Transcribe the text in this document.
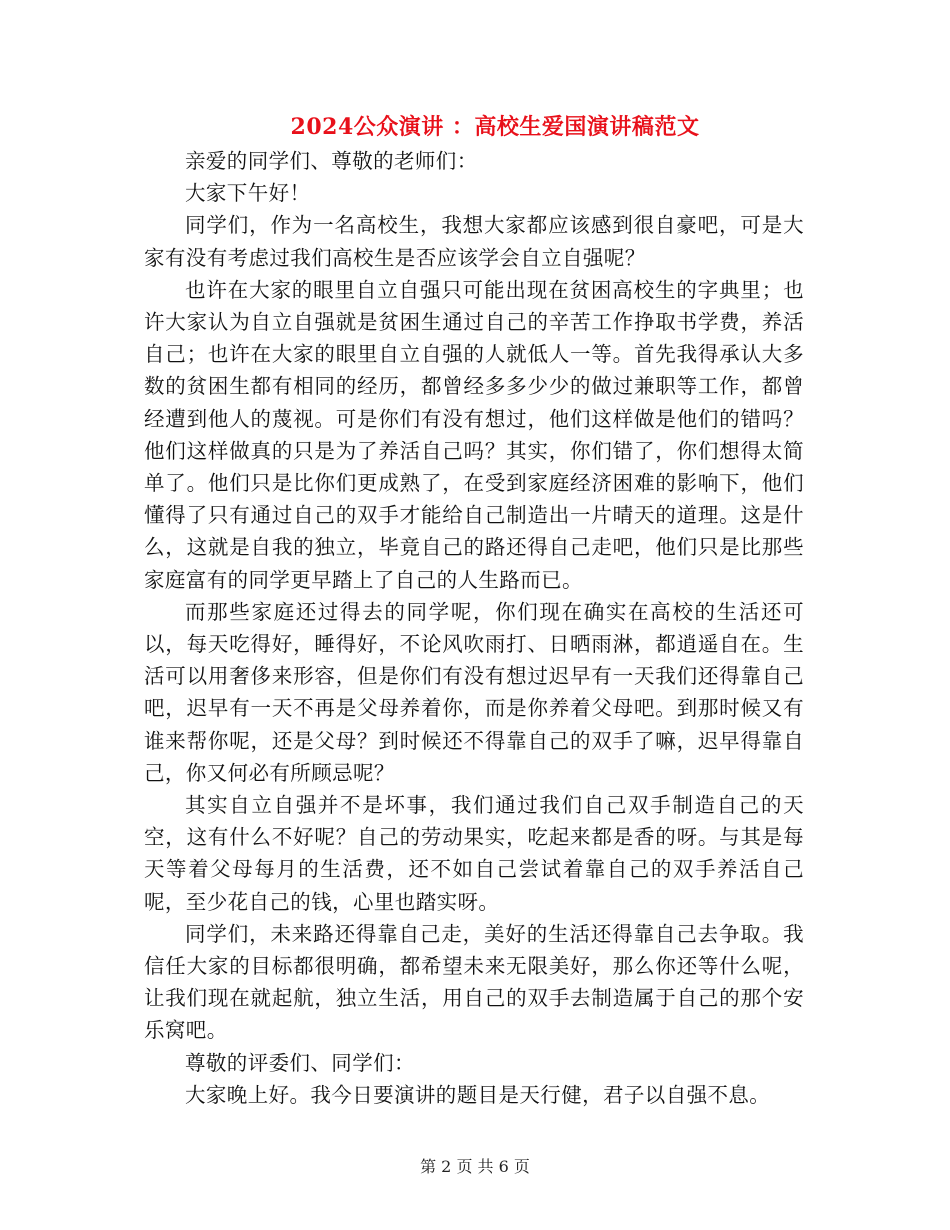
2024公众演讲 ：高校生爱国演讲稿范文

亲爱的同学们、尊敬的老师们：

大家下午好！

同学们，作为一名高校生，我想大家都应该感到很自豪吧，可是大家有没有考虑过我们高校生是否应该学会自立自强呢？

也许在大家的眼里自立自强只可能出现在贫困高校生的字典里；也许大家认为自立自强就是贫困生通过自己的辛苦工作挣取书学费，养活自己；也许在大家的眼里自立自强的人就低人一等。首先我得承认大多数的贫困生都有相同的经历，都曾经多多少少的做过兼职等工作，都曾经遭到他人的蔑视。可是你们有没有想过，他们这样做是他们的错吗？他们这样做真的只是为了养活自己吗？其实，你们错了，你们想得太简单了。他们只是比你们更成熟了，在受到家庭经济困难的影响下，他们懂得了只有通过自己的双手才能给自己制造出一片晴天的道理。这是什么，这就是自我的独立，毕竟自己的路还得自己走吧，他们只是比那些家庭富有的同学更早踏上了自己的人生路而已。

而那些家庭还过得去的同学呢，你们现在确实在高校的生活还可以，每天吃得好，睡得好，不论风吹雨打、日晒雨淋，都逍遥自在。生活可以用奢侈来形容，但是你们有没有想过迟早有一天我们还得靠自己吧，迟早有一天不再是父母养着你，而是你养着父母吧。到那时候又有谁来帮你呢，还是父母？到时候还不得靠自己的双手了嘛，迟早得靠自己，你又何必有所顾忌呢？

其实自立自强并不是坏事，我们通过我们自己双手制造自己的天空，这有什么不好呢？自己的劳动果实，吃起来都是香的呀。与其是每天等着父母每月的生活费，还不如自己尝试着靠自己的双手养活自己呢，至少花自己的钱，心里也踏实呀。

同学们，未来路还得靠自己走，美好的生活还得靠自己去争取。我信任大家的目标都很明确，都希望未来无限美好，那么你还等什么呢，让我们现在就起航，独立生活，用自己的双手去制造属于自己的那个安乐窝吧。

尊敬的评委们、同学们：

大家晚上好。我今日要演讲的题目是天行健，君子以自强不息。

第 2 页 共 6 页
